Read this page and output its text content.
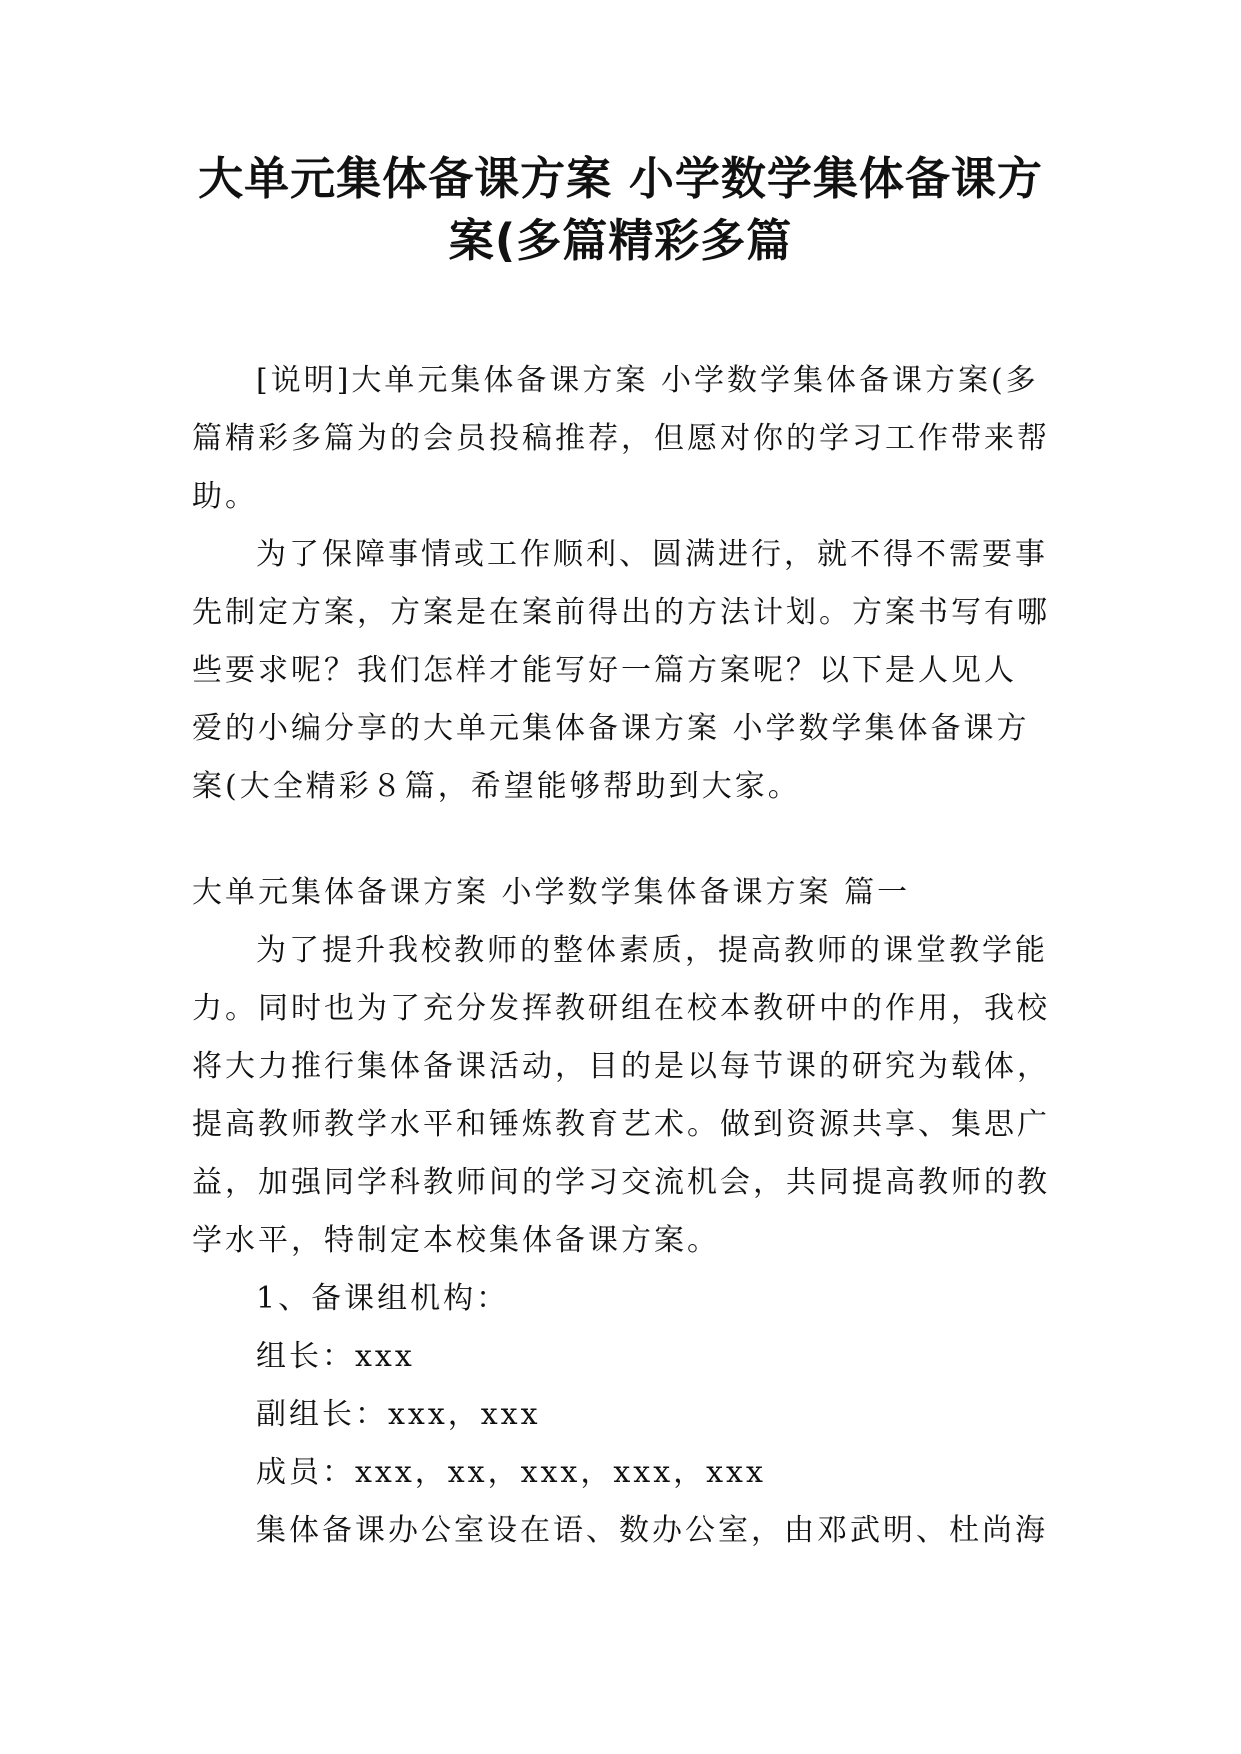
大单元集体备课方案 小学数学集体备课方
案(多篇精彩多篇

[说明]大单元集体备课方案 小学数学集体备课方案(多
篇精彩多篇为的会员投稿推荐，但愿对你的学习工作带来帮
助。

为了保障事情或工作顺利、圆满进行，就不得不需要事
先制定方案，方案是在案前得出的方法计划。方案书写有哪
些要求呢？我们怎样才能写好一篇方案呢？以下是人见人
爱的小编分享的大单元集体备课方案 小学数学集体备课方
案(大全精彩８篇，希望能够帮助到大家。

大单元集体备课方案 小学数学集体备课方案 篇一

为了提升我校教师的整体素质，提高教师的课堂教学能
力。同时也为了充分发挥教研组在校本教研中的作用，我校
将大力推行集体备课活动，目的是以每节课的研究为载体，
提高教师教学水平和锤炼教育艺术。做到资源共享、集思广
益，加强同学科教师间的学习交流机会，共同提高教师的教
学水平，特制定本校集体备课方案。

1、备课组机构：

组长：xxx

副组长：xxx，xxx

成员：xxx，xx，xxx，xxx，xxx

集体备课办公室设在语、数办公室，由邓武明、杜尚海
